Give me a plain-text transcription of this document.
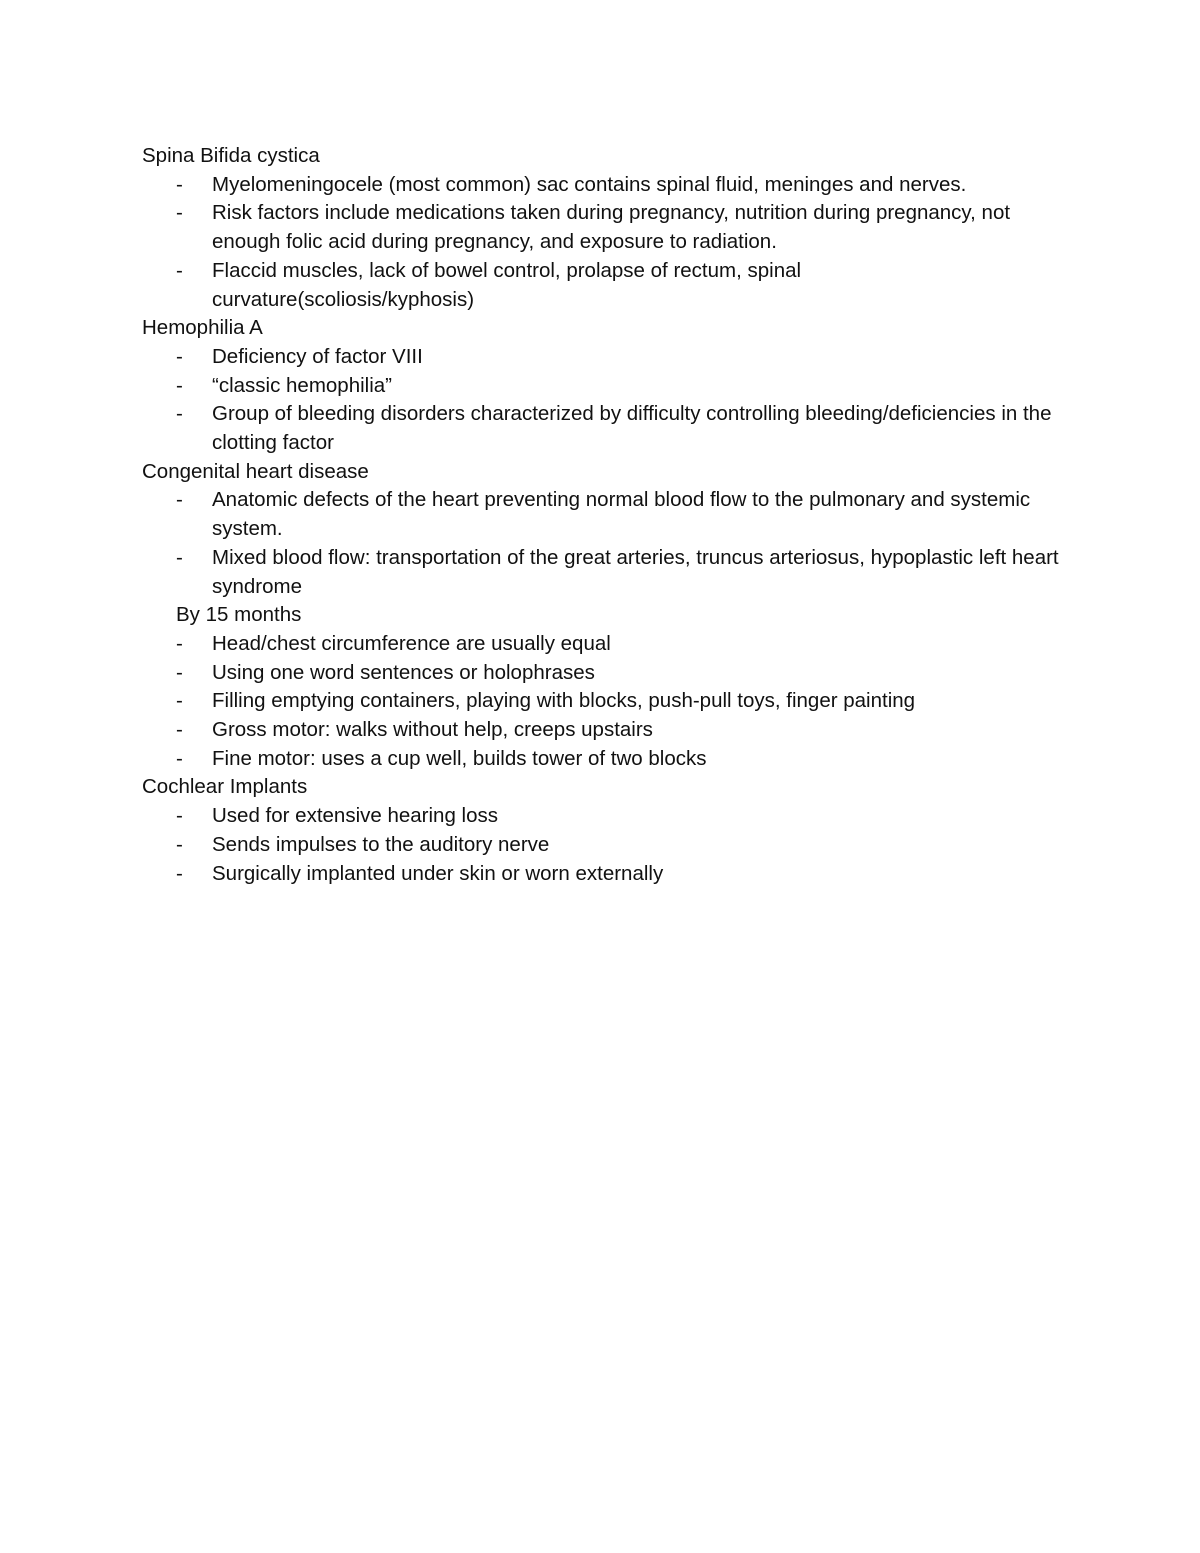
Spina Bifida cystica

- Myelomeningocele (most common) sac contains spinal fluid, meninges and nerves.
- Risk factors include medications taken during pregnancy, nutrition during pregnancy, not enough folic acid during pregnancy, and exposure to radiation.
- Flaccid muscles, lack of bowel control, prolapse of rectum, spinal curvature(scoliosis/kyphosis)

Hemophilia A

- Deficiency of factor VIII
- “classic hemophilia”
- Group of bleeding disorders characterized by difficulty controlling bleeding/deficiencies in the clotting factor

Congenital heart disease

- Anatomic defects of the heart preventing normal blood flow to the pulmonary and systemic system.
- Mixed blood flow: transportation of the great arteries, truncus arteriosus, hypoplastic left heart syndrome

By 15 months

- Head/chest circumference are usually equal
- Using one word sentences or holophrases
- Filling emptying containers, playing with blocks, push-pull toys, finger painting
- Gross motor: walks without help, creeps upstairs
- Fine motor: uses a cup well, builds tower of two blocks

Cochlear Implants

- Used for extensive hearing loss
- Sends impulses to the auditory nerve
- Surgically implanted under skin or worn externally
